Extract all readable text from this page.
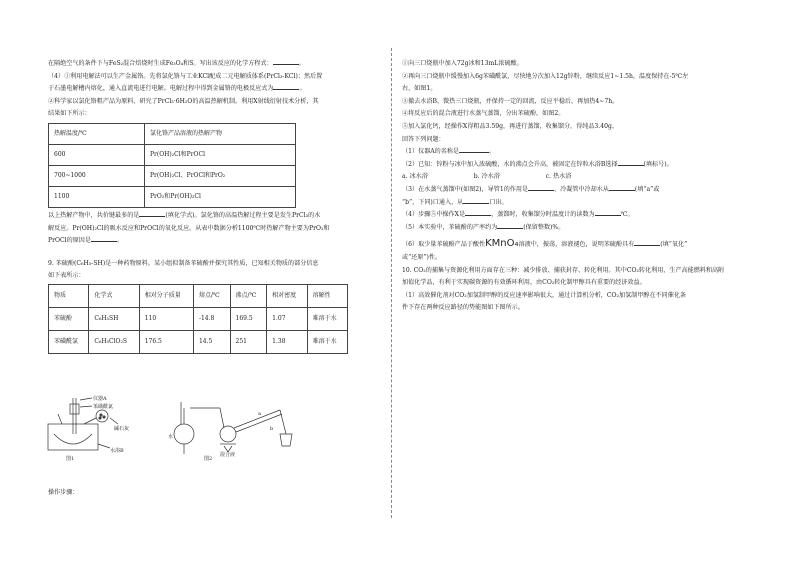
在隔绝空气的条件下与FeS₂混合焙烧时生成Fe₃O₄和S。写出该反应的化学方程式：	。

（4）①利用电解法可以生产金属铬。先将氯化铬与工业KCl配成二元电解质体系(PrCl₃-KCl)；然后置

于石墨电解槽内熔化，通入直流电进行电解。电解过程中得到金属铬的电极反应式为	。

②科学家以氯化铬粗产品为原料，研究了PrCl₃·6H₂O的高温热解机制。利用X射线衍射技术分析，其

结果如下所示：

热解温度/℃	氯化铬产品溶液的热解产物
600	Pr(OH)₂Cl和PrOCl
700~1000	Pr(OH)₂Cl、PrOCl和PrO₂
1100	PrO₂和Pr(OH)₂Cl

以上热解产物中，共价键最多的是	(填化学式)。氯化铬的高温热解过程主要是发生PrCl₃的水

解反应。Pr(OH)₂Cl的吸水反应和PrOCl的氧化反应。从表中数据分析1100℃时热解产物主要为PrO₂和

PrOCl的原因是	。

9. 苯硫酚(C₆H₅-SH)是一种药物原料。某小组拟制备苯硫酚并探究其性质，已知相关物质的部分信息

如下表所示：

物质	化学式	相对分子质量	熔点/℃	沸点/℃	相对密度	溶解性
苯硫酚	C₆H₅SH	110	-14.8	169.5	1.07	难溶于水
苯磺酰氯	C₆H₅ClO₂S	176.5	14.5	251	1.38	难溶于水
仪器A
苯磺酰氯
碱石灰
水浴B
图1
水
混合液
a
b
图2

操作步骤：

①向三口烧瓶中加入72g冰和13mL浓硫酸。

②再向三口烧瓶中缓慢加入6g苯磺酰氯，尽快地分次加入12g锌粉，继续反应1~1.5h，温度保持在-5℃左

右，如图1。

③撤去水浴B，微热三口烧瓶，并保持一定的回流，反应平稳后，再加热4~7h。

④将反应后的混合液进行水蒸气蒸馏，分出苯硫酚，如图2。

⑤加入氯化钙，经操作X得粗品3.59g，再进行蒸馏，收集馏分，得纯品3.40g。

回答下列问题：

（1）仪器A的名称是	。

（2）已知：锌粉与冰中加入浓硫酸，水的沸点会升高，被固定在锌粒水浴B选择	(填标号)。

a. 冰水浴	b. 冷水浴	c. 热水浴

（3）在水蒸气蒸馏中(如图2)，导管1的作用是	，冷凝管中冷却水从	(填“a”或

“b”，下同)口通入，从	口出。

（4）步骤⑤中操作X是	，蒸馏时，收集馏分时温度计的读数为	℃。

（5）本实验中，苯硫酚的产率约为	(保留整数)%。

（6）取少量苯硫酚产品于酸性KMnO₄溶液中，振荡，溶液褪色，说明苯硫酚具有	(填“氧化”

或“还原”)性。

10. CO₂的捕集与资源化利用方面存在三种：减少排放、捕获封存、转化利用。其中CO₂转化利用，生产高能燃料和高附

加值化学品，有利于实现碳资源的有效循环利用，由CO₂转化制甲醇具有重要的经济效益。

（1）高效催化剂对CO₂加氢制甲醇的反应速率影响很大，通过计算机分析，CO₂加氢制甲醇在不同催化条

件下存在两种反应路径的势能图如下图所示。
